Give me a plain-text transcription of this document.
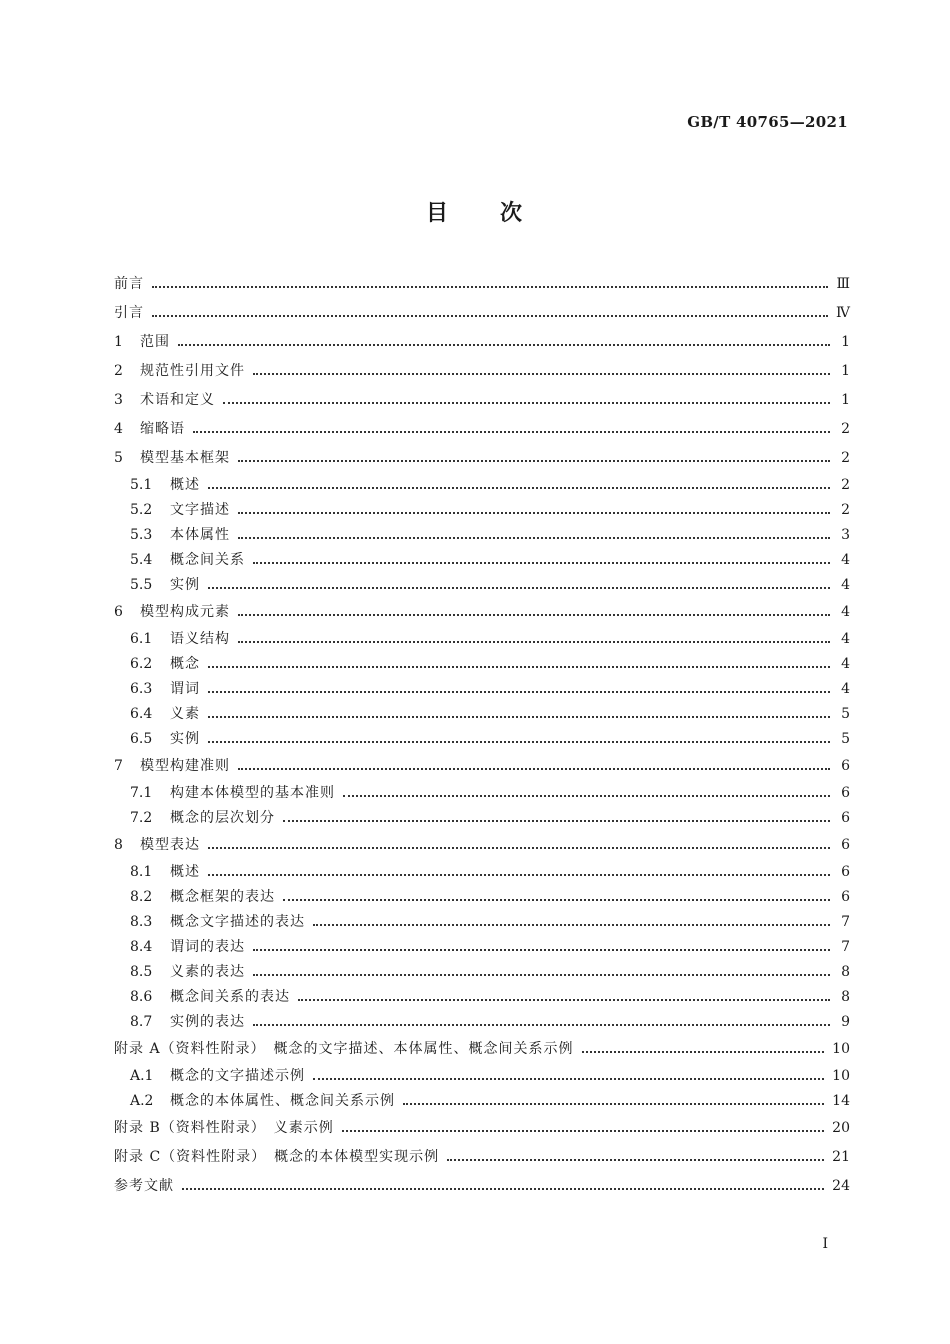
GB/T 40765—2021
目 次
前言	Ⅲ
引言	Ⅳ
1	范围	1
2	规范性引用文件	1
3	术语和定义	1
4	缩略语	2
5	模型基本框架	2
5.1	概述	2
5.2	文字描述	2
5.3	本体属性	3
5.4	概念间关系	4
5.5	实例	4
6	模型构成元素	4
6.1	语义结构	4
6.2	概念	4
6.3	谓词	4
6.4	义素	5
6.5	实例	5
7	模型构建准则	6
7.1	构建本体模型的基本准则	6
7.2	概念的层次划分	6
8	模型表达	6
8.1	概述	6
8.2	概念框架的表达	6
8.3	概念文字描述的表达	7
8.4	谓词的表达	7
8.5	义素的表达	8
8.6	概念间关系的表达	8
8.7	实例的表达	9
附录 A（资料性附录）　概念的文字描述、本体属性、概念间关系示例	10
A.1	概念的文字描述示例	10
A.2	概念的本体属性、概念间关系示例	14
附录 B（资料性附录）　义素示例	20
附录 C（资料性附录）　概念的本体模型实现示例	21
参考文献	24
I
